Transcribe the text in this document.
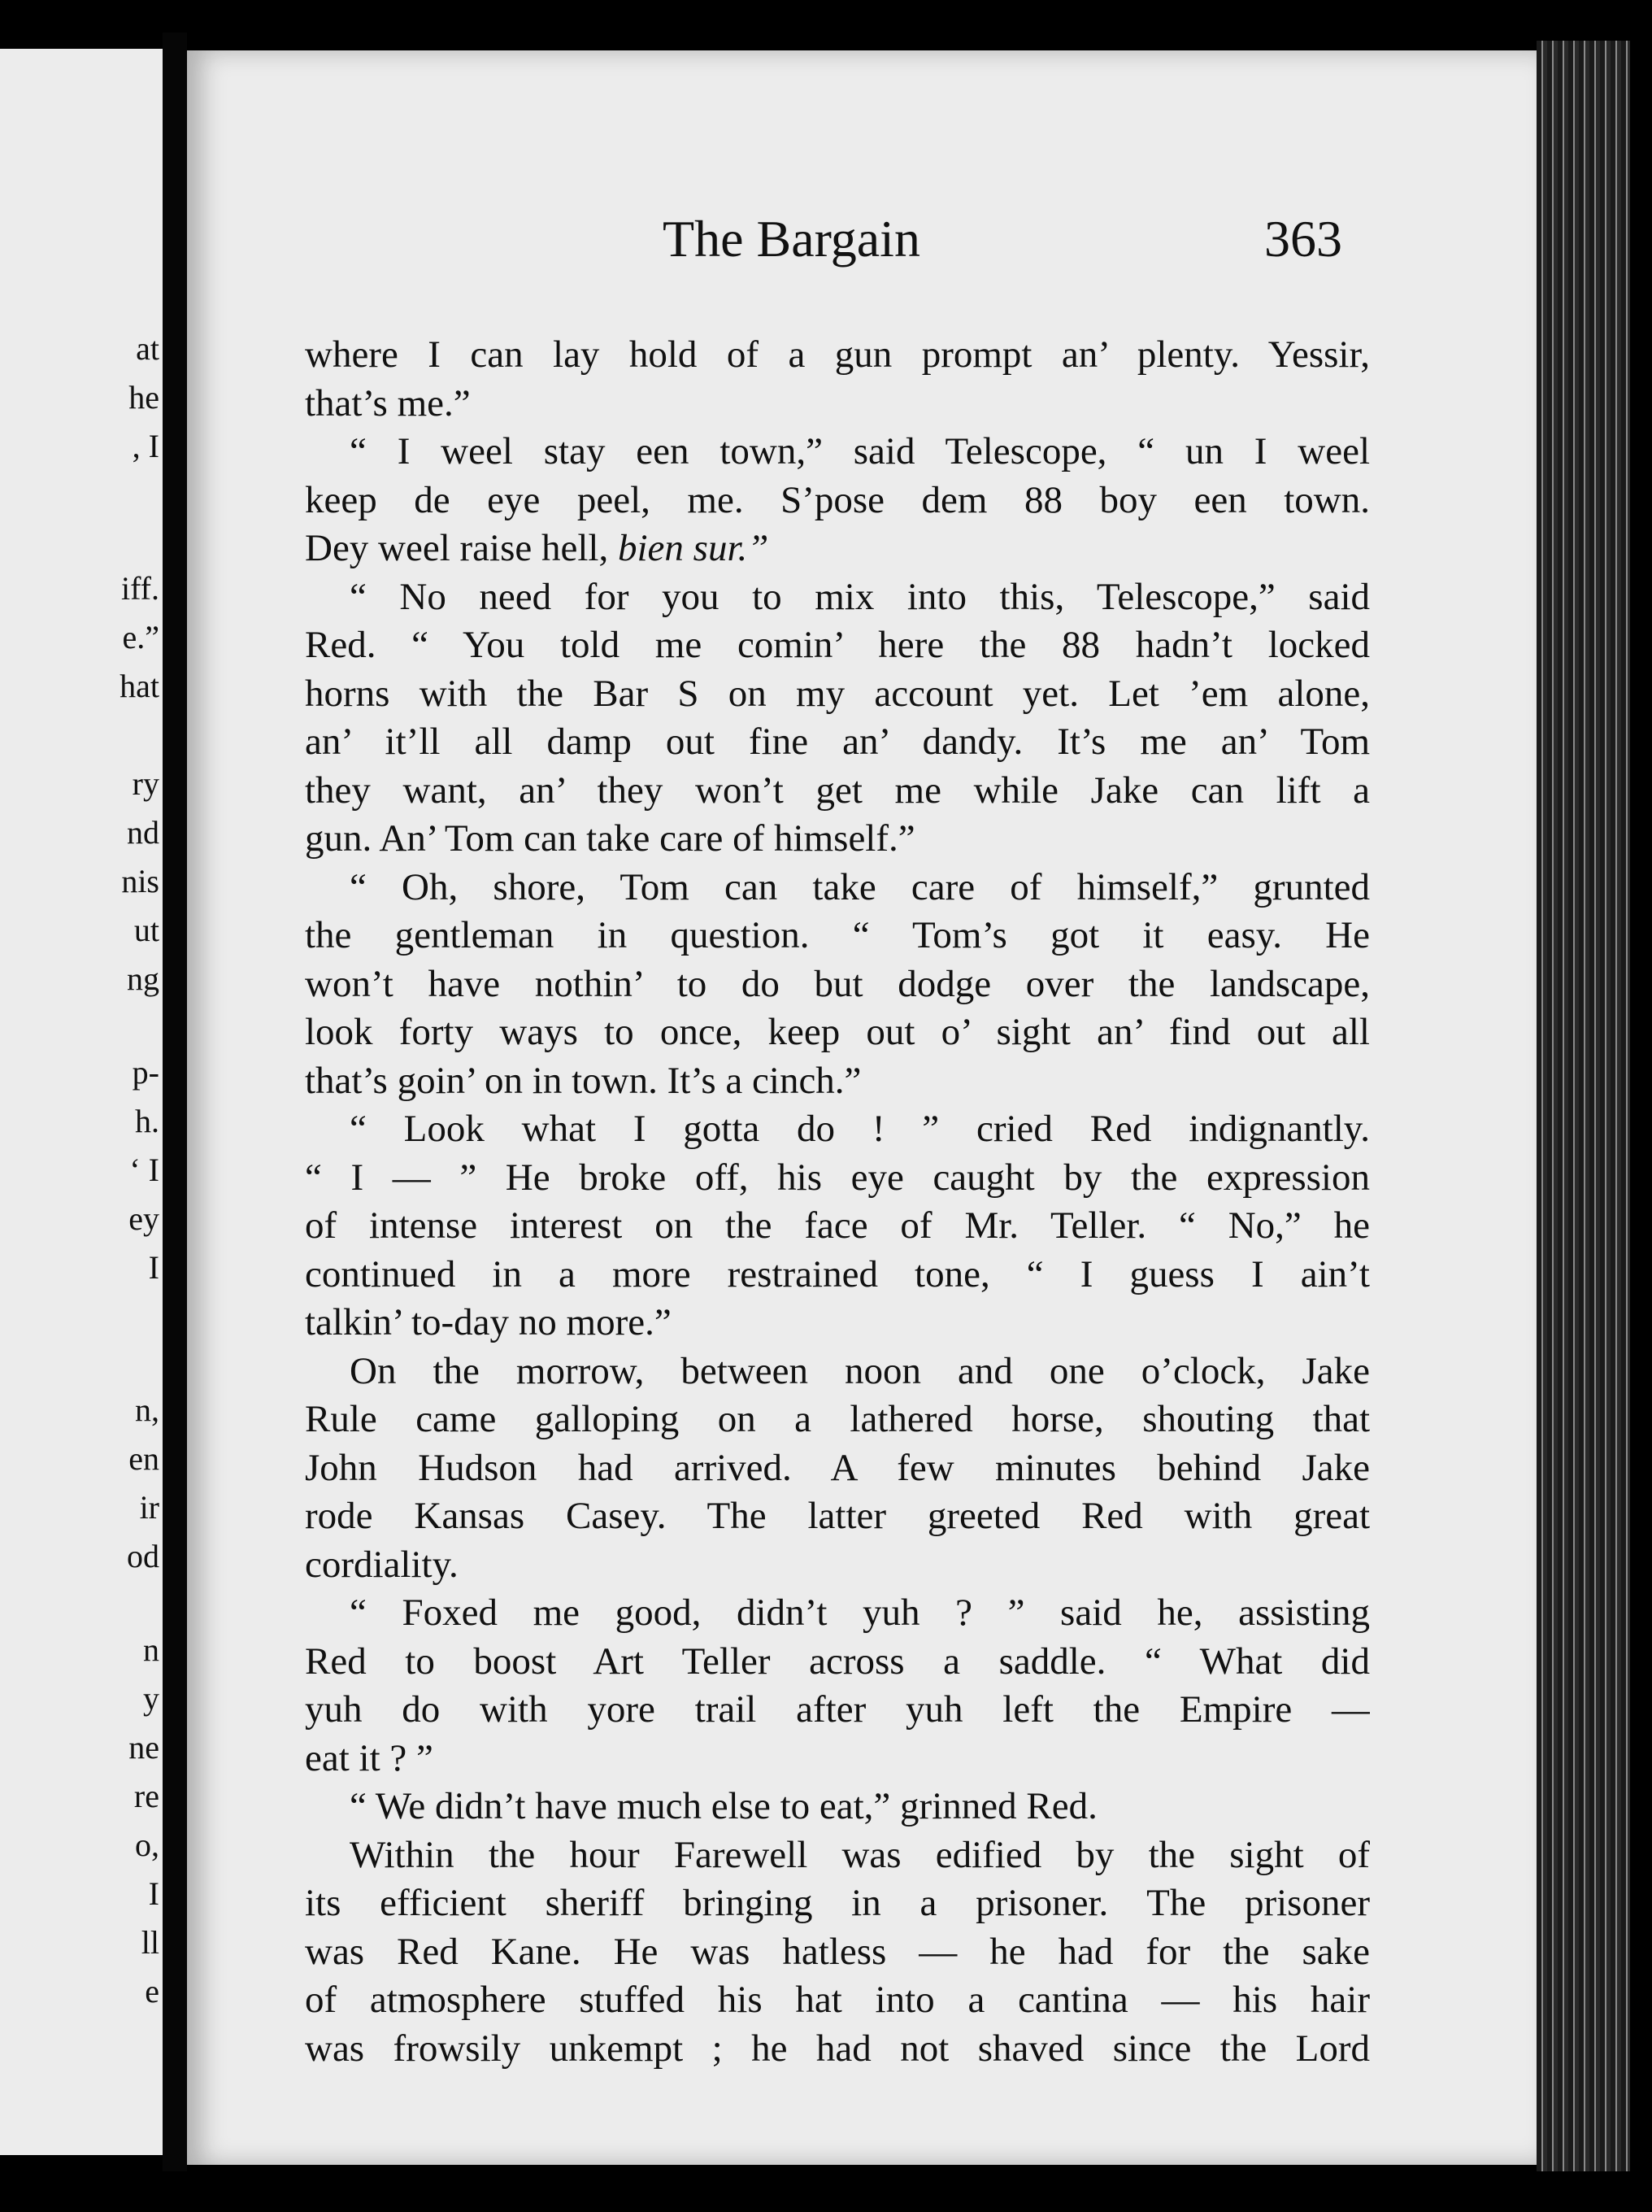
at
he
, I
iff.
e.”
hat
ry
nd
nis
ut
ng
p-
h.
‘ I
ey
I
n,
en
ir
od
n
y
ne
re
o,
I
ll
e
The Bargain	363
where I can lay hold of a gun prompt an’ plenty. Yessir,
that’s me.”
“ I weel stay een town,” said Telescope, “ un I weel
keep de eye peel, me. S’pose dem 88 boy een town.
Dey weel raise hell, bien sur.”
“ No need for you to mix into this, Telescope,” said
Red. “ You told me comin’ here the 88 hadn’t locked
horns with the Bar S on my account yet. Let ’em alone,
an’ it’ll all damp out fine an’ dandy. It’s me an’ Tom
they want, an’ they won’t get me while Jake can lift a
gun. An’ Tom can take care of himself.”
“ Oh, shore, Tom can take care of himself,” grunted
the gentleman in question. “ Tom’s got it easy. He
won’t have nothin’ to do but dodge over the landscape,
look forty ways to once, keep out o’ sight an’ find out all
that’s goin’ on in town. It’s a cinch.”
“ Look what I gotta do ! ” cried Red indignantly.
“ I — ” He broke off, his eye caught by the expression
of intense interest on the face of Mr. Teller. “ No,” he
continued in a more restrained tone, “ I guess I ain’t
talkin’ to-day no more.”
On the morrow, between noon and one o’clock, Jake
Rule came galloping on a lathered horse, shouting that
John Hudson had arrived. A few minutes behind Jake
rode Kansas Casey. The latter greeted Red with great
cordiality.
“ Foxed me good, didn’t yuh ? ” said he, assisting
Red to boost Art Teller across a saddle. “ What did
yuh do with yore trail after yuh left the Empire —
eat it ? ”
“ We didn’t have much else to eat,” grinned Red.
Within the hour Farewell was edified by the sight of
its efficient sheriff bringing in a prisoner. The prisoner
was Red Kane. He was hatless — he had for the sake
of atmosphere stuffed his hat into a cantina — his hair
was frowsily unkempt ; he had not shaved since the Lord
